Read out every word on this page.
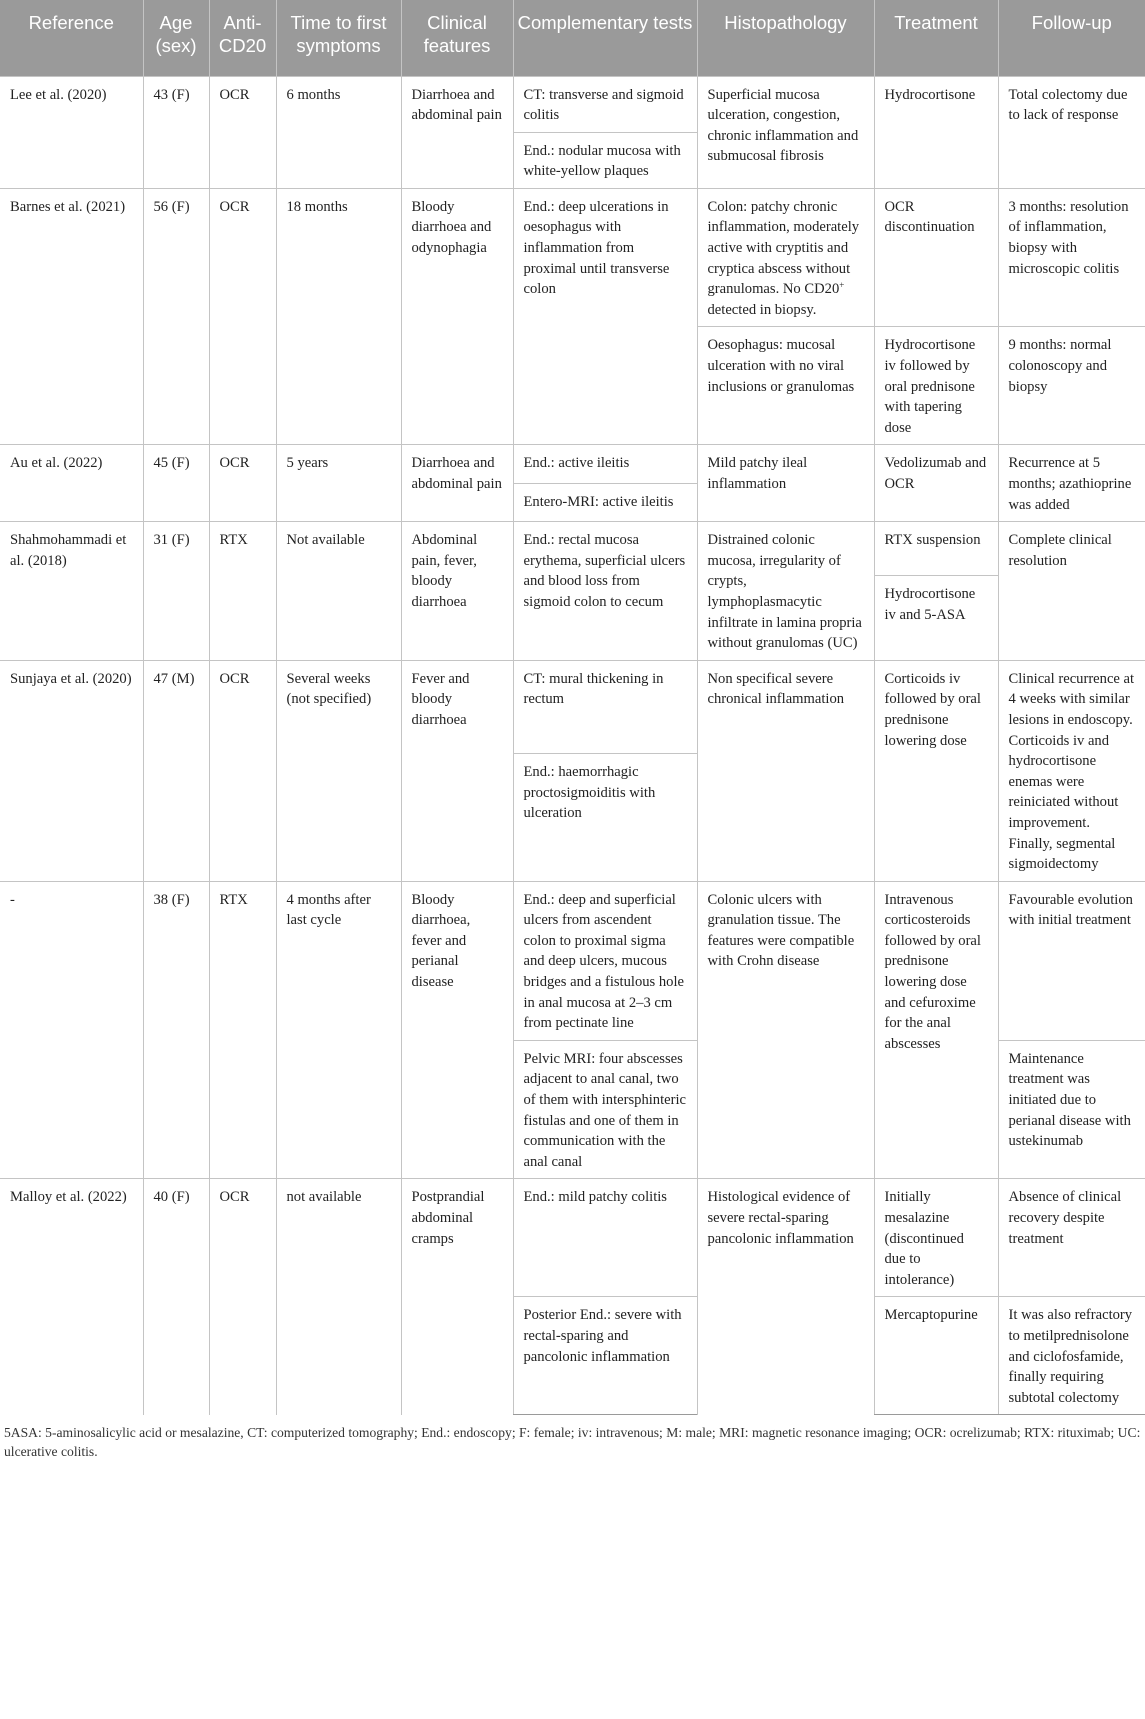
Reference	Age (sex)	Anti-CD20	Time to first symptoms	Clinical features	Complementary tests	Histopathology	Treatment	Follow-up
Lee et al. (2020)	43 (F)	OCR	6 months	Diarrhoea and abdominal pain	CT: transverse and sigmoid colitis	Superficial mucosa ulceration, congestion, chronic inflammation and submucosal fibrosis	Hydrocortisone	Total colectomy due to lack of response
					End.: nodular mucosa with white-yellow plaques			
Barnes et al. (2021)	56 (F)	OCR	18 months	Bloody diarrhoea and odynophagia	End.: deep ulcerations in oesophagus with inflammation from proximal until transverse colon	Colon: patchy chronic inflammation, moderately active with cryptitis and cryptica abscess without granulomas. No CD20+ detected in biopsy.	OCR discontinuation	3 months: resolution of inflammation, biopsy with microscopic colitis
						Oesophagus: mucosal ulceration with no viral inclusions or granulomas	Hydrocortisone iv followed by oral prednisone with tapering dose	9 months: normal colonoscopy and biopsy
Au et al. (2022)	45 (F)	OCR	5 years	Diarrhoea and abdominal pain	End.: active ileitis	Mild patchy ileal inflammation	Vedolizumab and OCR	Recurrence at 5 months; azathioprine was added
					Entero-MRI: active ileitis			
Shahmohammadi et al. (2018)	31 (F)	RTX	Not available	Abdominal pain, fever, bloody diarrhoea	End.: rectal mucosa erythema, superficial ulcers and blood loss from sigmoid colon to cecum	Distrained colonic mucosa, irregularity of crypts, lymphoplasmacytic infiltrate in lamina propria without granulomas (UC)	RTX suspension	Complete clinical resolution
							Hydrocortisone iv and 5-ASA	
Sunjaya et al. (2020)	47 (M)	OCR	Several weeks (not specified)	Fever and bloody diarrhoea	CT: mural thickening in rectum	Non specifical severe chronical inflammation	Corticoids iv followed by oral prednisone lowering dose	Clinical recurrence at 4 weeks with similar lesions in endoscopy. Corticoids iv and hydrocortisone enemas were reiniciated without improvement. Finally, segmental sigmoidectomy
					End.: haemorrhagic proctosigmoiditis with ulceration			
-	38 (F)	RTX	4 months after last cycle	Bloody diarrhoea, fever and perianal disease	End.: deep and superficial ulcers from ascendent colon to proximal sigma and deep ulcers, mucous bridges and a fistulous hole in anal mucosa at 2–3 cm from pectinate line	Colonic ulcers with granulation tissue. The features were compatible with Crohn disease	Intravenous corticosteroids followed by oral prednisone lowering dose and cefuroxime for the anal abscesses	Favourable evolution with initial treatment
					Pelvic MRI: four abscesses adjacent to anal canal, two of them with intersphinteric fistulas and one of them in communication with the anal canal			Maintenance treatment was initiated due to perianal disease with ustekinumab
Malloy et al. (2022)	40 (F)	OCR	not available	Postprandial abdominal cramps	End.: mild patchy colitis	Histological evidence of severe rectal-sparing pancolonic inflammation	Initially mesalazine (discontinued due to intolerance)	Absence of clinical recovery despite treatment
					Posterior End.: severe with rectal-sparing and pancolonic inflammation		Mercaptopurine	It was also refractory to metilprednisolone and ciclofosfamide, finally requiring subtotal colectomy
5ASA: 5-aminosalicylic acid or mesalazine, CT: computerized tomography; End.: endoscopy; F: female; iv: intravenous; M: male; MRI: magnetic resonance imaging; OCR: ocrelizumab; RTX: rituximab; UC: ulcerative colitis.
